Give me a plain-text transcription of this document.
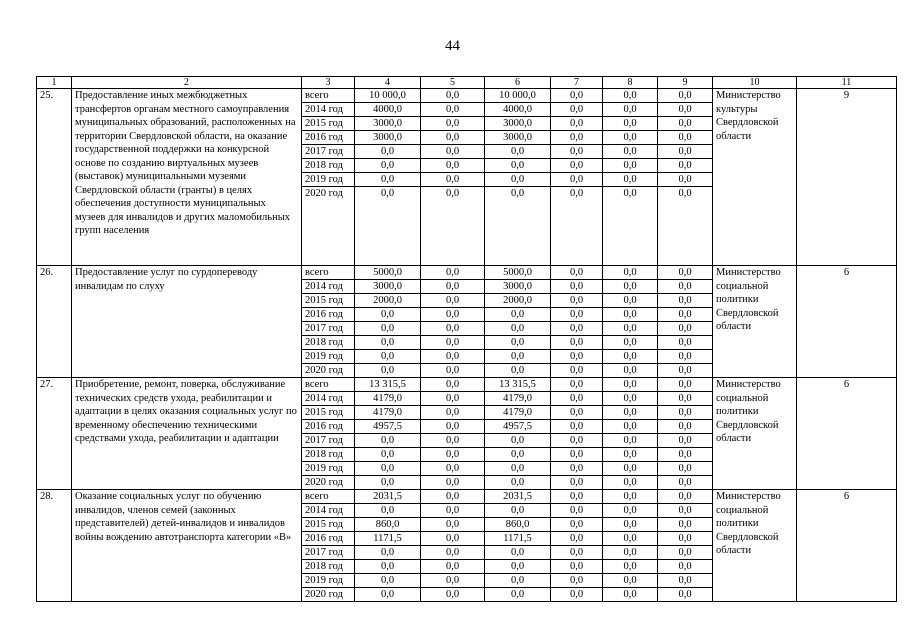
44
1	2	3	4	5	6	7	8	9	10	11
25.	Предоставление иных межбюджетных трансфертов органам местного самоуправления муниципальных образований, расположенных на территории Свердловской области, на оказание государственной поддержки на конкурсной основе по созданию виртуальных музеев (выставок) муниципальными музеями Свердловской области (гранты) в целях обеспечения доступности муниципальных музеев для инвалидов и других маломобильных групп населения	всего	10 000,0	0,0	10 000,0	0,0	0,0	0,0	Министерство культуры Свердловской области	9
		2014 год	4000,0	0,0	4000,0	0,0	0,0	0,0		
		2015 год	3000,0	0,0	3000,0	0,0	0,0	0,0		
		2016 год	3000,0	0,0	3000,0	0,0	0,0	0,0		
		2017 год	0,0	0,0	0,0	0,0	0,0	0,0		
		2018 год	0,0	0,0	0,0	0,0	0,0	0,0		
		2019 год	0,0	0,0	0,0	0,0	0,0	0,0		
		2020 год	0,0	0,0	0,0	0,0	0,0	0,0		
26.	Предоставление услуг по сурдопереводу инвалидам по слуху	всего	5000,0	0,0	5000,0	0,0	0,0	0,0	Министерство социальной политики Свердловской области	6
		2014 год	3000,0	0,0	3000,0	0,0	0,0	0,0		
		2015 год	2000,0	0,0	2000,0	0,0	0,0	0,0		
		2016 год	0,0	0,0	0,0	0,0	0,0	0,0		
		2017 год	0,0	0,0	0,0	0,0	0,0	0,0		
		2018 год	0,0	0,0	0,0	0,0	0,0	0,0		
		2019 год	0,0	0,0	0,0	0,0	0,0	0,0		
		2020 год	0,0	0,0	0,0	0,0	0,0	0,0		
27.	Приобретение, ремонт, поверка, обслуживание технических средств ухода, реабилитации и адаптации в целях оказания социальных услуг по временному обеспечению техническими средствами ухода, реабилитации и адаптации	всего	13 315,5	0,0	13 315,5	0,0	0,0	0,0	Министерство социальной политики Свердловской области	6
		2014 год	4179,0	0,0	4179,0	0,0	0,0	0,0		
		2015 год	4179,0	0,0	4179,0	0,0	0,0	0,0		
		2016 год	4957,5	0,0	4957,5	0,0	0,0	0,0		
		2017 год	0,0	0,0	0,0	0,0	0,0	0,0		
		2018 год	0,0	0,0	0,0	0,0	0,0	0,0		
		2019 год	0,0	0,0	0,0	0,0	0,0	0,0		
		2020 год	0,0	0,0	0,0	0,0	0,0	0,0		
28.	Оказание социальных услуг по обучению инвалидов, членов семей (законных представителей) детей-инвалидов и инвалидов войны вождению автотранспорта категории «В»	всего	2031,5	0,0	2031,5	0,0	0,0	0,0	Министерство социальной политики Свердловской области	6
		2014 год	0,0	0,0	0,0	0,0	0,0	0,0		
		2015 год	860,0	0,0	860,0	0,0	0,0	0,0		
		2016 год	1171,5	0,0	1171,5	0,0	0,0	0,0		
		2017 год	0,0	0,0	0,0	0,0	0,0	0,0		
		2018 год	0,0	0,0	0,0	0,0	0,0	0,0		
		2019 год	0,0	0,0	0,0	0,0	0,0	0,0		
		2020 год	0,0	0,0	0,0	0,0	0,0	0,0		
